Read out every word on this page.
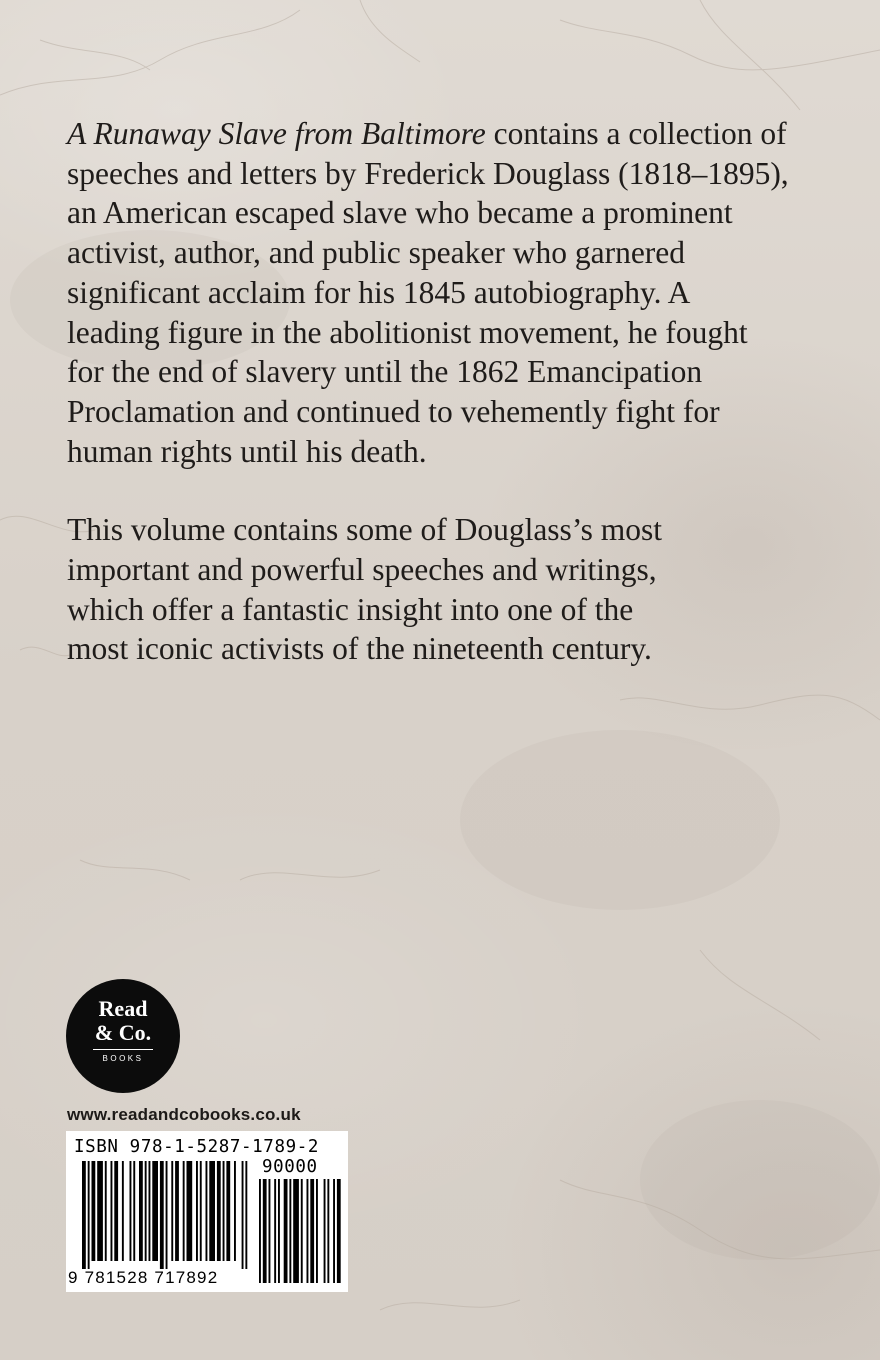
A Runaway Slave from Baltimore contains a collection of
speeches and letters by Frederick Douglass (1818–1895),
an American escaped slave who became a prominent
activist, author, and public speaker who garnered
significant acclaim for his 1845 autobiography. A
leading figure in the abolitionist movement, he fought
for the end of slavery until the 1862 Emancipation
Proclamation and continued to vehemently fight for
human rights until his death.

This volume contains some of Douglass’s most
important and powerful speeches and writings,
which offer a fantastic insight into one of the
most iconic activists of the nineteenth century.

Read
& Co.
BOOKS
www.readandcobooks.co.uk
ISBN 978-1-5287-1789-2
90000
9 781528 717892
